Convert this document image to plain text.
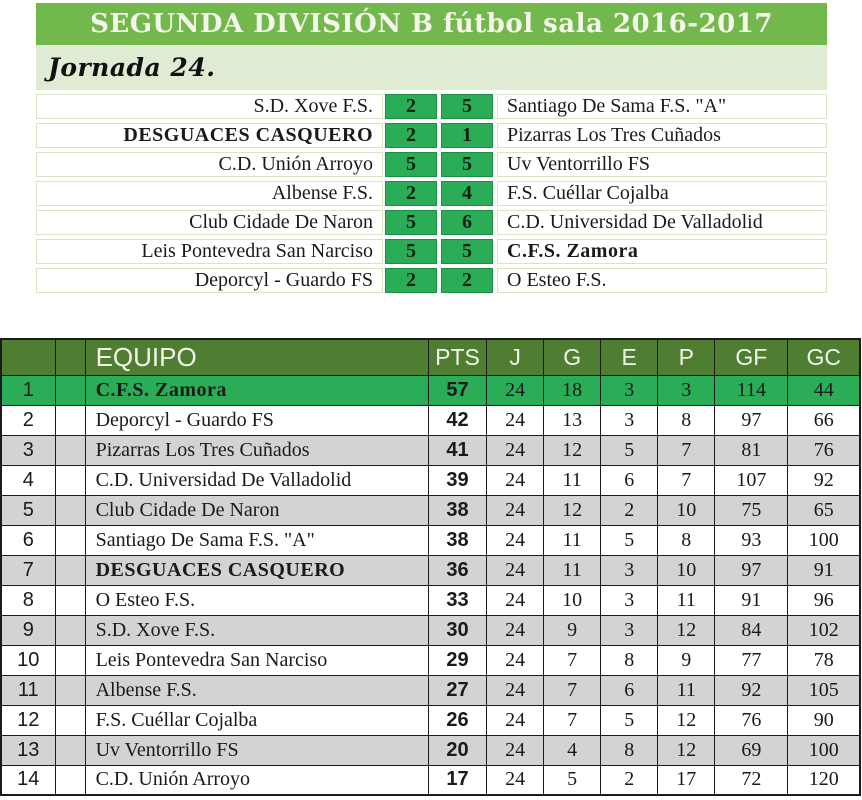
SEGUNDA DIVISIÓN B fútbol sala 2016-2017
Jornada 24.
S.D. Xove F.S.	2	5	Santiago De Sama F.S. "A"
DESGUACES CASQUERO	2	1	Pizarras Los Tres Cuñados
C.D. Unión Arroyo	5	5	Uv Ventorrillo FS
Albense F.S.	2	4	F.S. Cuéllar Cojalba
Club Cidade De Naron	5	6	C.D. Universidad De Valladolid
Leis Pontevedra San Narciso	5	5	C.F.S. Zamora
Deporcyl - Guardo FS	2	2	O Esteo F.S.
		EQUIPO	PTS	J	G	E	P	GF	GC
1		C.F.S. Zamora	57	24	18	3	3	114	44
2		Deporcyl - Guardo FS	42	24	13	3	8	97	66
3		Pizarras Los Tres Cuñados	41	24	12	5	7	81	76
4		C.D. Universidad De Valladolid	39	24	11	6	7	107	92
5		Club Cidade De Naron	38	24	12	2	10	75	65
6		Santiago De Sama F.S. "A"	38	24	11	5	8	93	100
7		DESGUACES CASQUERO	36	24	11	3	10	97	91
8		O Esteo F.S.	33	24	10	3	11	91	96
9		S.D. Xove F.S.	30	24	9	3	12	84	102
10		Leis Pontevedra San Narciso	29	24	7	8	9	77	78
11		Albense F.S.	27	24	7	6	11	92	105
12		F.S. Cuéllar Cojalba	26	24	7	5	12	76	90
13		Uv Ventorrillo FS	20	24	4	8	12	69	100
14		C.D. Unión Arroyo	17	24	5	2	17	72	120
